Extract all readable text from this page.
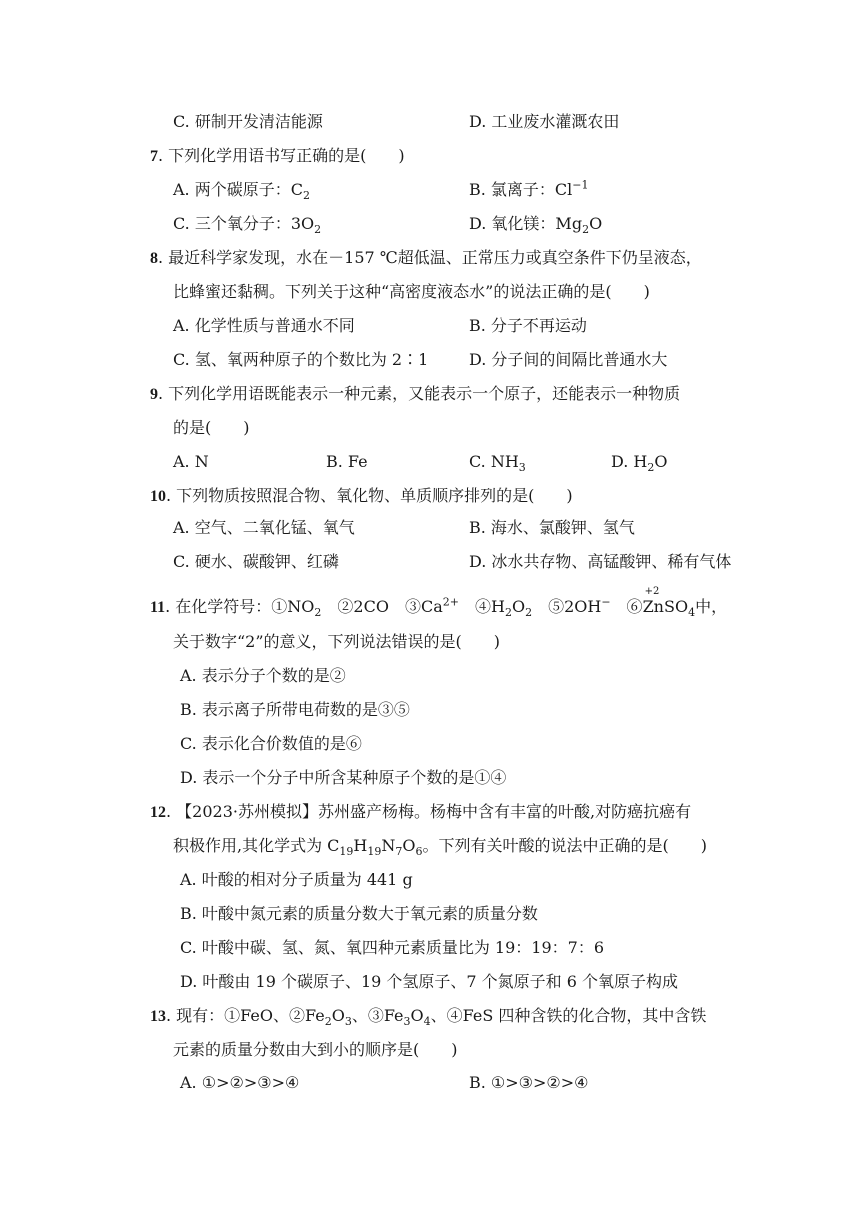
C. 研制开发清洁能源	D. 工业废水灌溉农田
7. 下列化学用语书写正确的是(　　)
A. 两个碳原子：$C_2$	B. 氯离子：$Cl^{-1}$
C. 三个氧分子：$3O_2$	D. 氧化镁：$Mg_2O$
8. 最近科学家发现，水在－157 ℃超低温、正常压力或真空条件下仍呈液态，
比蜂蜜还黏稠。下列关于这种“高密度液态水”的说法正确的是(　　)
A. 化学性质与普通水不同	B. 分子不再运动
C. 氢、氧两种原子的个数比为 2∶1	D. 分子间的间隔比普通水大
9. 下列化学用语既能表示一种元素，又能表示一个原子，还能表示一种物质
的是(　　)
A. N	B. Fe	C. $NH_3$	D. $H_2O$
10. 下列物质按照混合物、氧化物、单质顺序排列的是(　　)
A. 空气、二氧化锰、氧气	B. 海水、氯酸钾、氢气
C. 硬水、碳酸钾、红磷	D. 冰水共存物、高锰酸钾、稀有气体
11. 在化学符号：$①NO_2$　②2CO　$③Ca^{2+}$　$④H_2O_2$　⑤2OH−　⑥
+2
ZnSO$_4$中，
关于数字“2”的意义，下列说法错误的是(　　)
A. 表示分子个数的是②
B. 表示离子所带电荷数的是③⑤
C. 表示化合价数值的是⑥
D. 表示一个分子中所含某种原子个数的是①④
12. 【2023·苏州模拟】苏州盛产杨梅。杨梅中含有丰富的叶酸,对防癌抗癌有
积极作用,其化学式为 $C_{19}H_{19}N_7O_6$。下列有关叶酸的说法中正确的是(　　)
A. 叶酸的相对分子质量为 441 g
B. 叶酸中氮元素的质量分数大于氧元素的质量分数
C. 叶酸中碳、氢、氮、氧四种元素质量比为 19：19：7：6
D. 叶酸由 19 个碳原子、19 个氢原子、7 个氮原子和 6 个氧原子构成
13. 现有：①FeO、$②Fe_2O_3$、$③Fe_3O_4$、④FeS 四种含铁的化合物，其中含铁
元素的质量分数由大到小的顺序是(　　)
A. ①>②>③>④	B. ①>③>②>④
